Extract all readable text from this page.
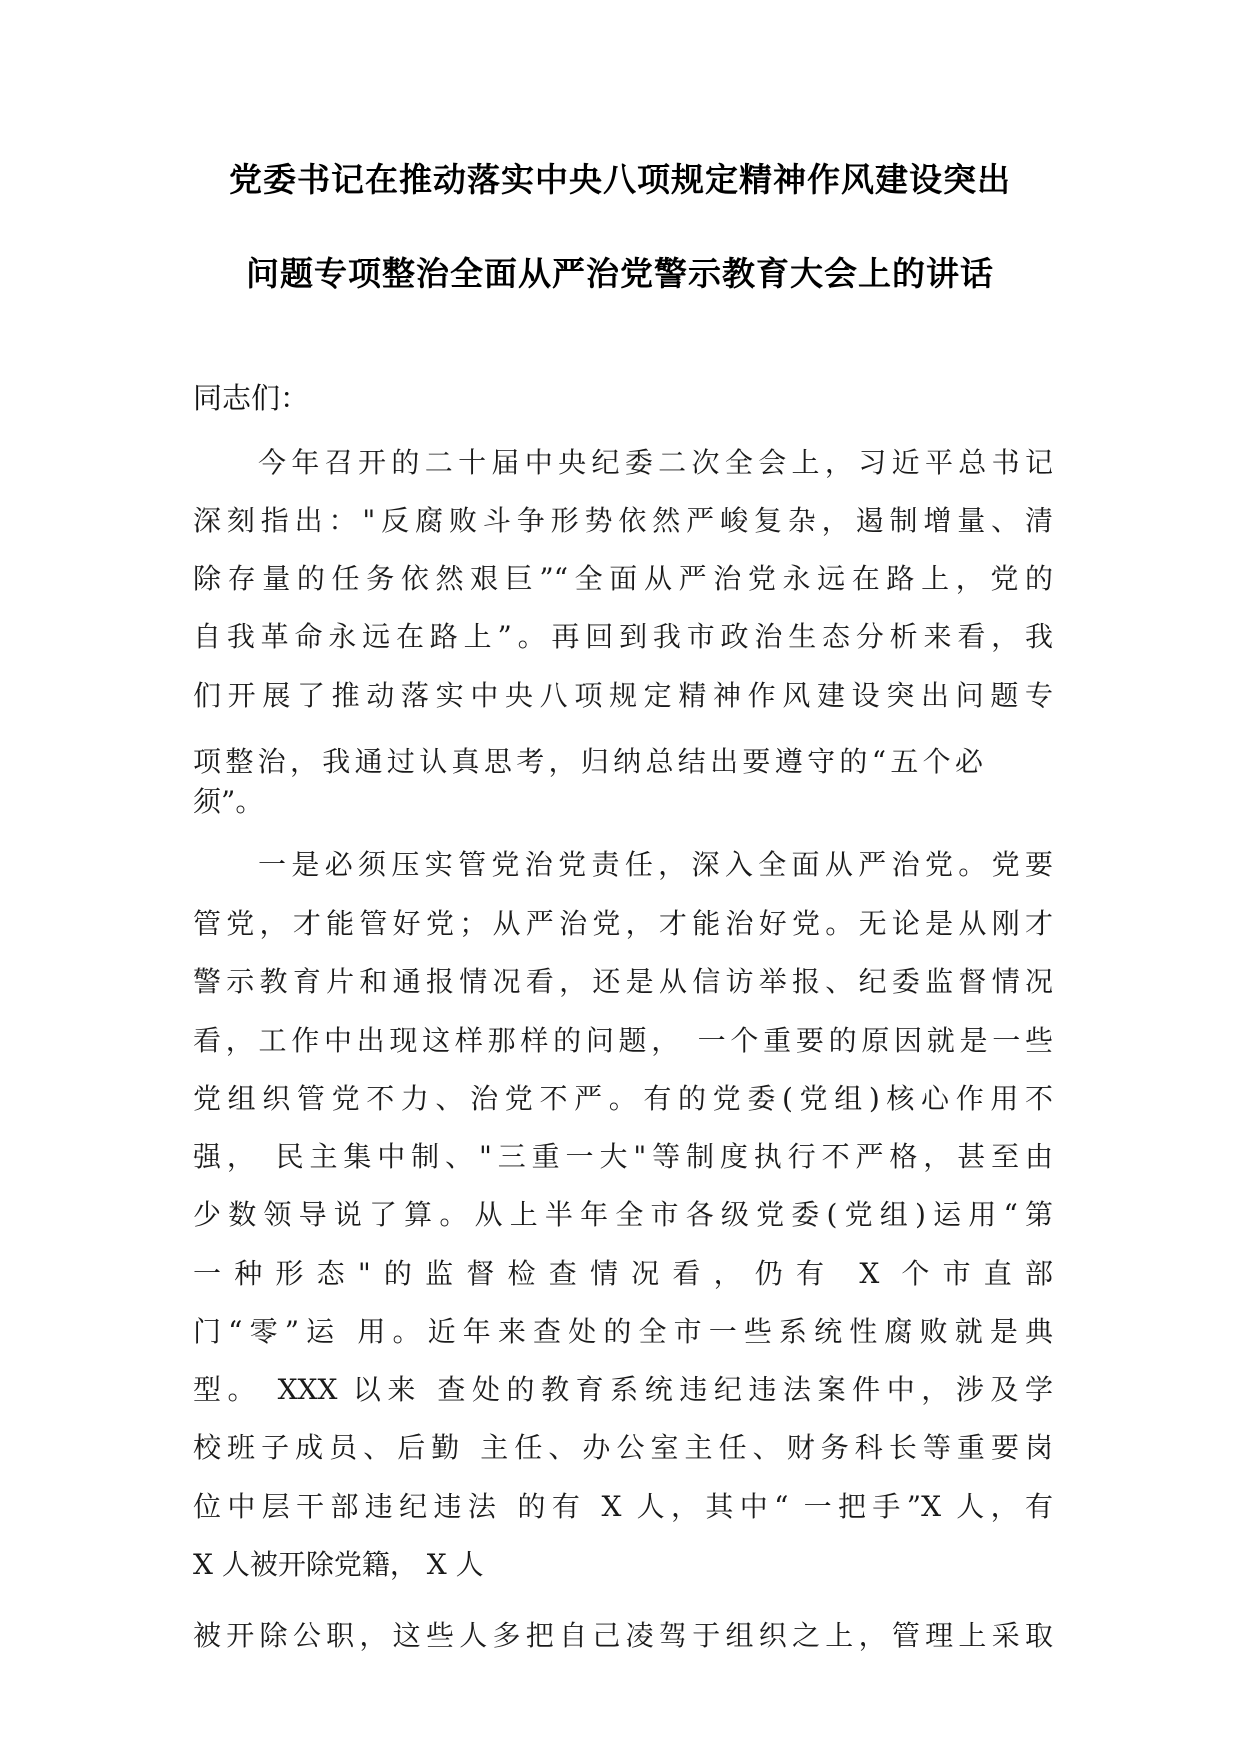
党委书记在推动落实中央八项规定精神作风建设突出
问题专项整治全面从严治党警示教育大会上的讲话
同志们：
今年召开的二十届中央纪委二次全会上，习近平总书记
深刻指出："反腐败斗争形势依然严峻复杂，遏制增量、清
除存量的任务依然艰巨”“全面从严治党永远在路上，党的
自我革命永远在路上”。再回到我市政治生态分析来看，我
们开展了推动落实中央八项规定精神作风建设突出问题专
项整治，我通过认真思考，归纳总结出要遵守的“五个必
须”。
一是必须压实管党治党责任，深入全面从严治党。党要
管党，才能管好党；从严治党，才能治好党。无论是从刚才
警示教育片和通报情况看，还是从信访举报、纪委监督情况
看，工作中出现这样那样的问题， 一个重要的原因就是一些
党组织管党不力、治党不严。有的党委(党组)核心作用不
强， 民主集中制、"三重一大"等制度执行不严格，甚至由
少数领导说了算。从上半年全市各级党委(党组)运用“第
一种形态"的监督检查情况看，仍有 X 个市直部
门“零”运 用。近年来查处的全市一些系统性腐败就是典
型。 XXX 以来 查处的教育系统违纪违法案件中，涉及学
校班子成员、后勤 主任、办公室主任、财务科长等重要岗
位中层干部违纪违法 的有 X 人，其中“ 一把手”X 人，有
X 人被开除党籍， X 人
被开除公职，这些人多把自己凌驾于组织之上，管理上采取
